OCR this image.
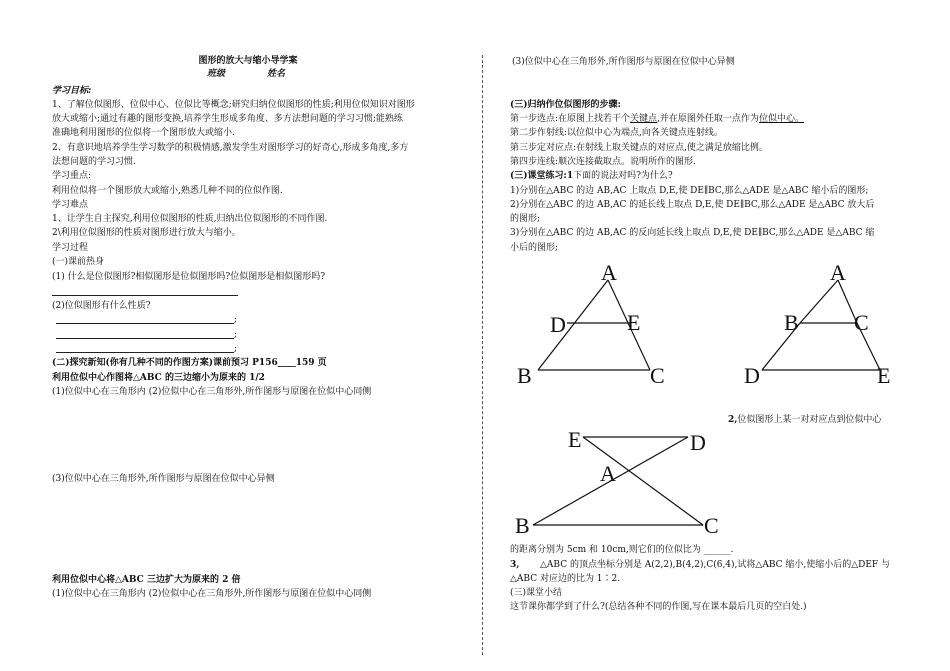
图形的放大与缩小导学案
班级	姓名
学习目标:
1、了解位似图形、位似中心、位似比等概念;研究归纳位似图形的性质;利用位似知识对图形
放大或缩小;通过有趣的图形变换,培养学生形成多角度、多方法想问题的学习习惯;能熟练
准确地利用图形的位似将一个图形放大或缩小.
2、有意识地培养学生学习数学的积极情感,激发学生对图形学习的好奇心,形成多角度,多方
法想问题的学习习惯.
学习重点:
利用位似将一个图形放大或缩小,熟悉几种不同的位似作图.
学习难点
1、让学生自主探究,利用位似图形的性质,归纳出位似图形的不同作图.
2\利用位似图形的性质对图形进行放大与缩小。
学习过程
(一)课前热身
(1) 什么是位似图形?相似图形是位似图形吗?位似图形是相似图形吗?
(2)位似图形有什么性质?
;
;
;
(二)探究新知(你有几种不同的作图方案)课前预习 P156____159 页
利用位似中心作图将△ABC 的三边缩小为原来的 1/2
(1)位似中心在三角形内 (2)位似中心在三角形外,所作图形与原图在位似中心同侧
(3)位似中心在三角形外,所作图形与原图在位似中心异侧
利用位似中心将△ABC 三边扩大为原来的 2 倍
(1)位似中心在三角形内 (2)位似中心在三角形外,所作图形与原图在位似中心同侧
(3)位似中心在三角形外,所作图形与原图在位似中心异侧
(三)归纳作位似图形的步骤:
第一步选点:在原图上找若干个关键点,并在原图外任取一点作为位似中心。
第二步作射线:以位似中心为端点,向各关键点连射线。
第三步定对应点:在射线上取关键点的对应点,使之满足放缩比例。
第四步连线:顺次连接截取点。说明所作的图形.
(三)课堂练习:1下面的说法对吗?为什么?
1)分别在△ABC 的边 AB,AC 上取点 D,E,使 DE∥BC,那么△ADE 是△ABC 缩小后的图形;
2)分别在△ABC 的边 AB,AC 的延长线上取点 D,E,使 DE∥BC,那么△ADE 是△ABC 放大后
的图形;
3)分别在△ABC 的边 AB,AC 的反向延长线上取点 D,E,使 DE∥BC,那么△ADE 是△ABC 缩
小后的图形;
A
D	E
B	C
A
B	C
D	E
2,位似图形上某一对对应点到位似中心
E	D
A
B	C
的距离分别为 5cm 和 10cm,则它们的位似比为 ______.
3, △ABC 的顶点坐标分别是 A(2,2),B(4,2),C(6,4),试将△ABC 缩小,使缩小后的△DEF 与
△ABC 对应边的比为 1∶2.
(三)课堂小结
这节课你都学到了什么?(总结各种不同的作图,写在课本最后几页的空白处.)
